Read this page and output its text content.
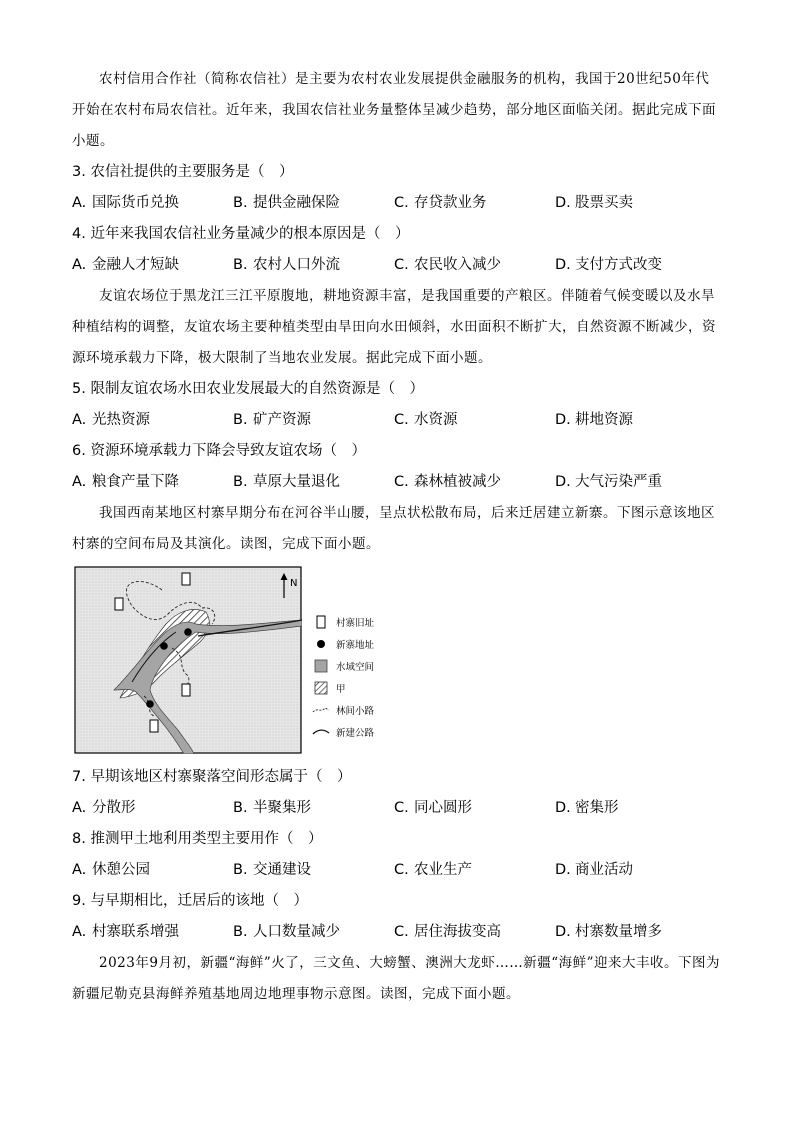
农村信用合作社（简称农信社）是主要为农村农业发展提供金融服务的机构，我国于20世纪50年代开始在农村布局农信社。近年来，我国农信社业务量整体呈减少趋势，部分地区面临关闭。据此完成下面小题。

3. 农信社提供的主要服务是（　）

A. 国际货币兑换	B. 提供金融保险	C. 存贷款业务	D. 股票买卖

4. 近年来我国农信社业务量减少的根本原因是（　）

A. 金融人才短缺	B. 农村人口外流	C. 农民收入减少	D. 支付方式改变

友谊农场位于黑龙江三江平原腹地，耕地资源丰富，是我国重要的产粮区。伴随着气候变暖以及水旱种植结构的调整，友谊农场主要种植类型由旱田向水田倾斜，水田面积不断扩大，自然资源不断减少，资源环境承载力下降，极大限制了当地农业发展。据此完成下面小题。

5. 限制友谊农场水田农业发展最大的自然资源是（　）

A. 光热资源	B. 矿产资源	C. 水资源	D. 耕地资源

6. 资源环境承载力下降会导致友谊农场（　）

A. 粮食产量下降	B. 草原大量退化	C. 森林植被减少	D. 大气污染严重

我国西南某地区村寨早期分布在河谷半山腰，呈点状松散布局，后来迁居建立新寨。下图示意该地区村寨的空间布局及其演化。读图，完成下面小题。

N
村寨旧址
新寨地址
水域空间
甲
林间小路
新建公路

7. 早期该地区村寨聚落空间形态属于（　）

A. 分散形	B. 半聚集形	C. 同心圆形	D. 密集形

8. 推测甲土地利用类型主要用作（　）

A. 休憩公园	B. 交通建设	C. 农业生产	D. 商业活动

9. 与早期相比，迁居后的该地（　）

A. 村寨联系增强	B. 人口数量减少	C. 居住海拔变高	D. 村寨数量增多

2023年9月初，新疆“海鲜”火了，三文鱼、大螃蟹、澳洲大龙虾……新疆“海鲜”迎来大丰收。下图为新疆尼勒克县海鲜养殖基地周边地理事物示意图。读图，完成下面小题。
